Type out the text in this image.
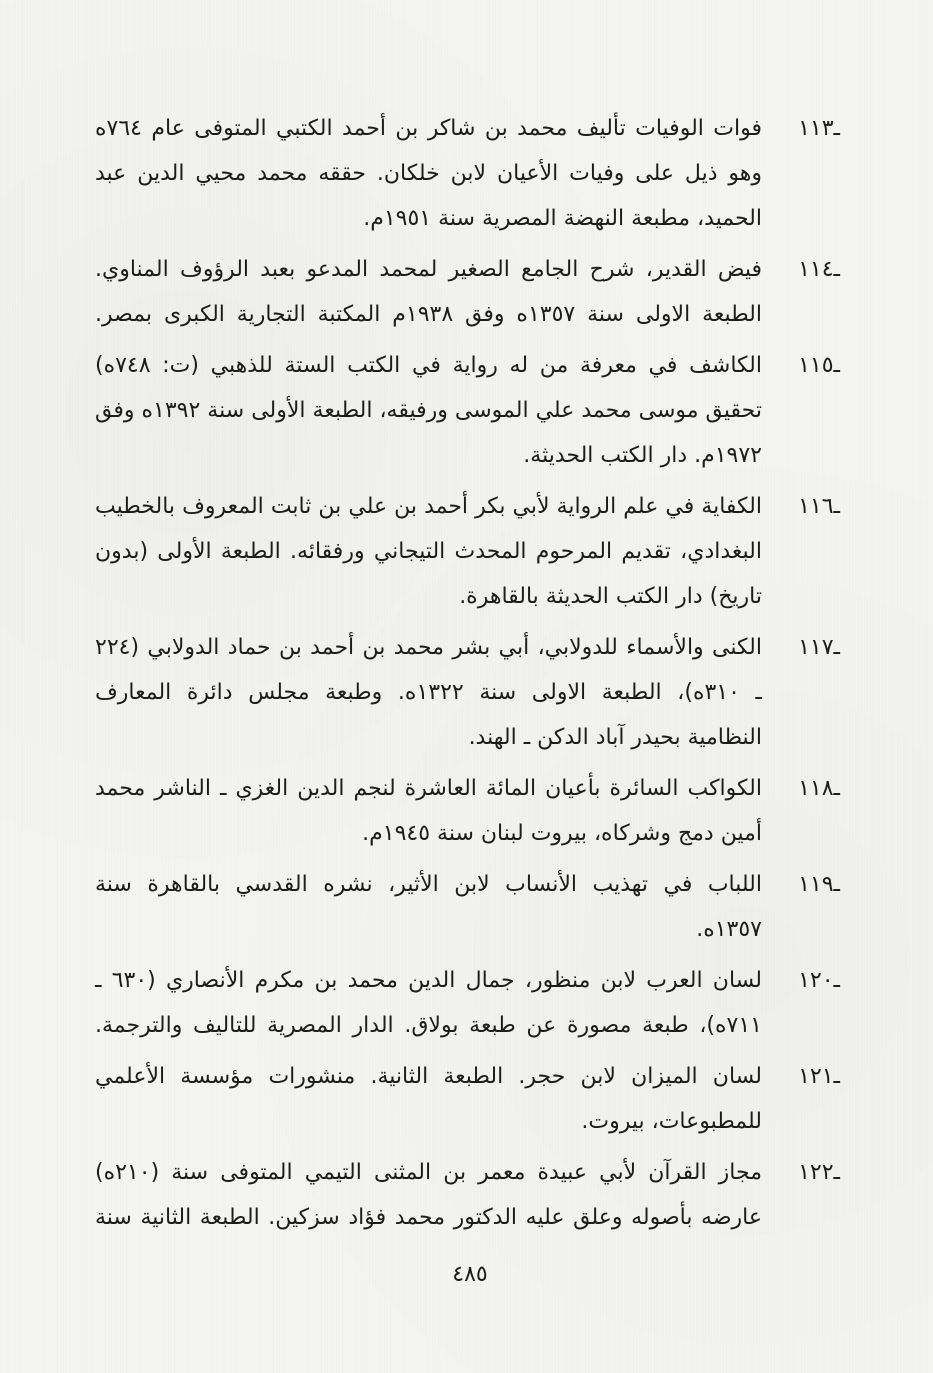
١١٣ـ
فوات الوفيات تأليف محمد بن شاكر بن أحمد الكتبي المتوفى عام ٧٦٤ه
وهو ذيل على وفيات الأعيان لابن خلكان. حققه محمد محيي الدين عبد
الحميد، مطبعة النهضة المصرية سنة ١٩٥١م.
١١٤ـ
فيض القدير، شرح الجامع الصغير لمحمد المدعو بعبد الرؤوف المناوي.
الطبعة الاولى سنة ١٣٥٧ه وفق ١٩٣٨م المكتبة التجارية الكبرى بمصر.
١١٥ـ
الكاشف في معرفة من له رواية في الكتب الستة للذهبي (ت: ٧٤٨ه)
تحقيق موسى محمد علي الموسى ورفيقه، الطبعة الأولى سنة ١٣٩٢ه وفق
١٩٧٢م. دار الكتب الحديثة.
١١٦ـ
الكفاية في علم الرواية لأبي بكر أحمد بن علي بن ثابت المعروف بالخطيب
البغدادي، تقديم المرحوم المحدث التيجاني ورفقائه. الطبعة الأولى (بدون
تاريخ) دار الكتب الحديثة بالقاهرة.
١١٧ـ
الكنى والأسماء للدولابي، أبي بشر محمد بن أحمد بن حماد الدولابي (٢٢٤
ـ ٣١٠ه)، الطبعة الاولى سنة ١٣٢٢ه. وطبعة مجلس دائرة المعارف
النظامية بحيدر آباد الدكن ـ الهند.
١١٨ـ
الكواكب السائرة بأعيان المائة العاشرة لنجم الدين الغزي ـ الناشر محمد
أمين دمج وشركاه، بيروت لبنان سنة ١٩٤٥م.
١١٩ـ
اللباب في تهذيب الأنساب لابن الأثير، نشره القدسي بالقاهرة سنة
١٣٥٧ه.
١٢٠ـ
لسان العرب لابن منظور، جمال الدين محمد بن مكرم الأنصاري (٦٣٠ ـ
٧١١ه)، طبعة مصورة عن طبعة بولاق. الدار المصرية للتاليف والترجمة.
١٢١ـ
لسان الميزان لابن حجر. الطبعة الثانية. منشورات مؤسسة الأعلمي
للمطبوعات، بيروت.
١٢٢ـ
مجاز القرآن لأبي عبيدة معمر بن المثنى التيمي المتوفى سنة (٢١٠ه)
عارضه بأصوله وعلق عليه الدكتور محمد فؤاد سزكين. الطبعة الثانية سنة
٤٨٥
